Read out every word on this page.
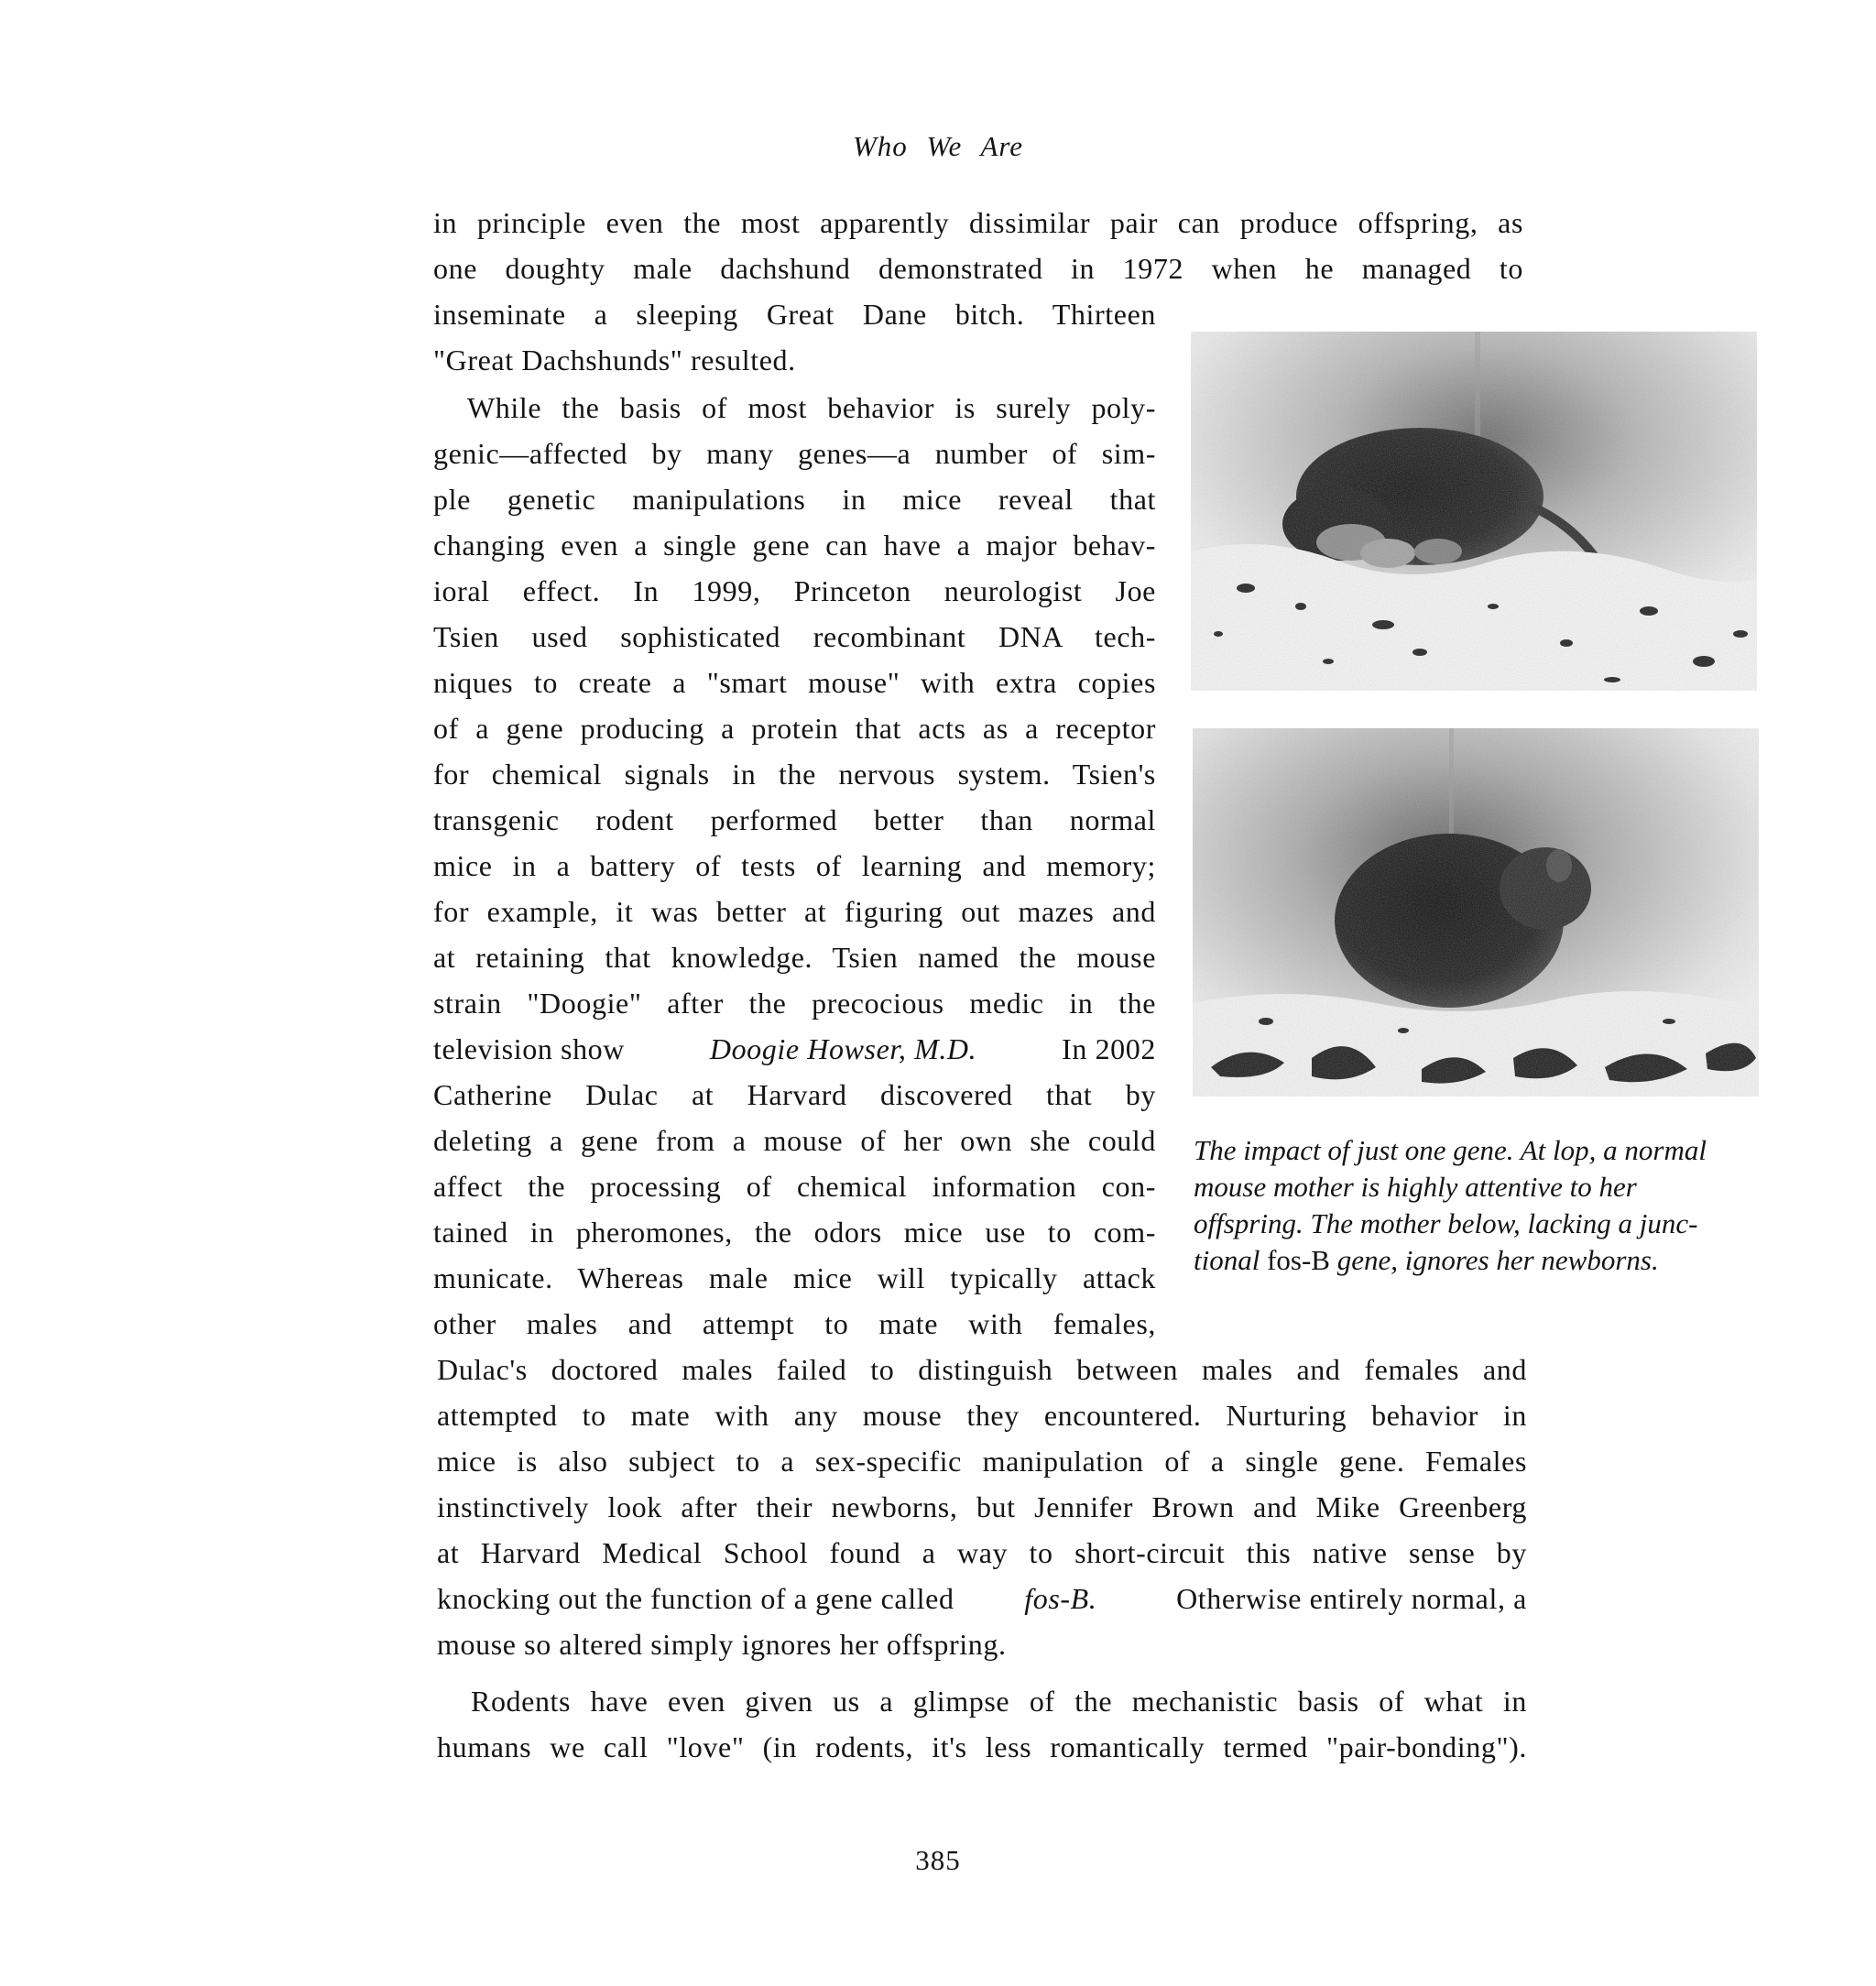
Who We Are
in principle even the most apparently dissimilar pair can produce offspring, as
one doughty male dachshund demonstrated in 1972 when he managed to
inseminate a sleeping Great Dane bitch. Thirteen
"Great Dachshunds" resulted.
While the basis of most behavior is surely poly-
genic—affected by many genes—a number of sim-
ple genetic manipulations in mice reveal that
changing even a single gene can have a major behav-
ioral effect. In 1999, Princeton neurologist Joe
Tsien used sophisticated recombinant DNA tech-
niques to create a "smart mouse" with extra copies
of a gene producing a protein that acts as a receptor
for chemical signals in the nervous system. Tsien's
transgenic rodent performed better than normal
mice in a battery of tests of learning and memory;
for example, it was better at figuring out mazes and
at retaining that knowledge. Tsien named the mouse
strain "Doogie" after the precocious medic in the
television show	Doogie Howser, M.D.	In 2002
Catherine Dulac at Harvard discovered that by
deleting a gene from a mouse of her own she could
affect the processing of chemical information con-
tained in pheromones, the odors mice use to com-
municate. Whereas male mice will typically attack
other males and attempt to mate with females,
Dulac's doctored males failed to distinguish between males and females and
attempted to mate with any mouse they encountered. Nurturing behavior in
mice is also subject to a sex-specific manipulation of a single gene. Females
instinctively look after their newborns, but Jennifer Brown and Mike Greenberg
at Harvard Medical School found a way to short-circuit this native sense by
knocking out the function of a gene called fos-B.	Otherwise entirely normal, a
mouse so altered simply ignores her offspring.
Rodents have even given us a glimpse of the mechanistic basis of what in
humans we call "love" (in rodents, it's less romantically termed "pair-bonding").
The impact of just one gene. At lop, a normal
mouse mother is highly attentive to her
offspring. The mother below, lacking a junc-
tional fos-B gene, ignores her newborns.
385
